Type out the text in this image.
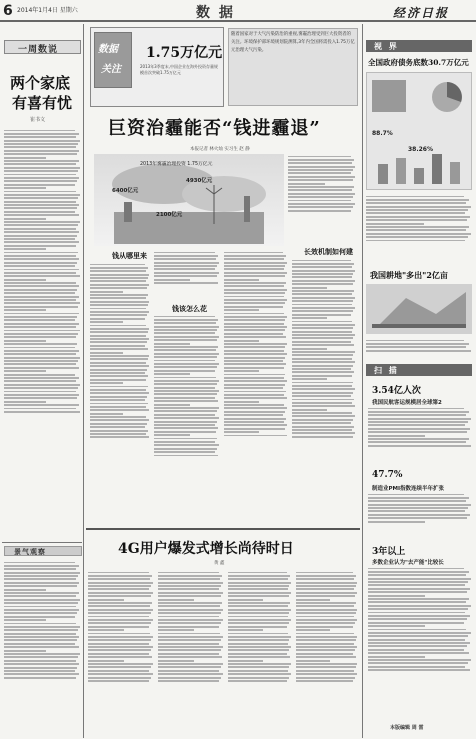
6 2014年1月4日 星期六	数 据	经济日报
一周数说
两个家底
有喜有忧
崔书文
景气观察
数据
关注
1.75万亿元
2013年3季度末,中国企业在海外投资存量规模首次突破1.75万亿元
随着国家对于大气污染防治的重视,雾霾治理受到巨大投资者的关注。环境保护部环境规划院测算,3年内全国将需投入1.75万亿元治理大气污染。
巨资治霾能否“钱进霾退”
本报记者 林火灿 实习生 赵 静
2013年雾霾治理投资 1.75万亿元
6400亿元
4930亿元
2100亿元
钱从哪里来
钱该怎么花
长效机制如何建
4G用户爆发式增长尚待时日
黄 鑫
视 界
全国政府债务底数30.7万亿元
88.7%
38.26%
我国耕地"多出"2亿亩
扫 描
3.54亿人次
我国民航客运规模居全球第2
47.7%
制造业PMI指数连续半年扩张
3年以上
多数企业认为"去产能"比较长
本版编辑 周 雷
